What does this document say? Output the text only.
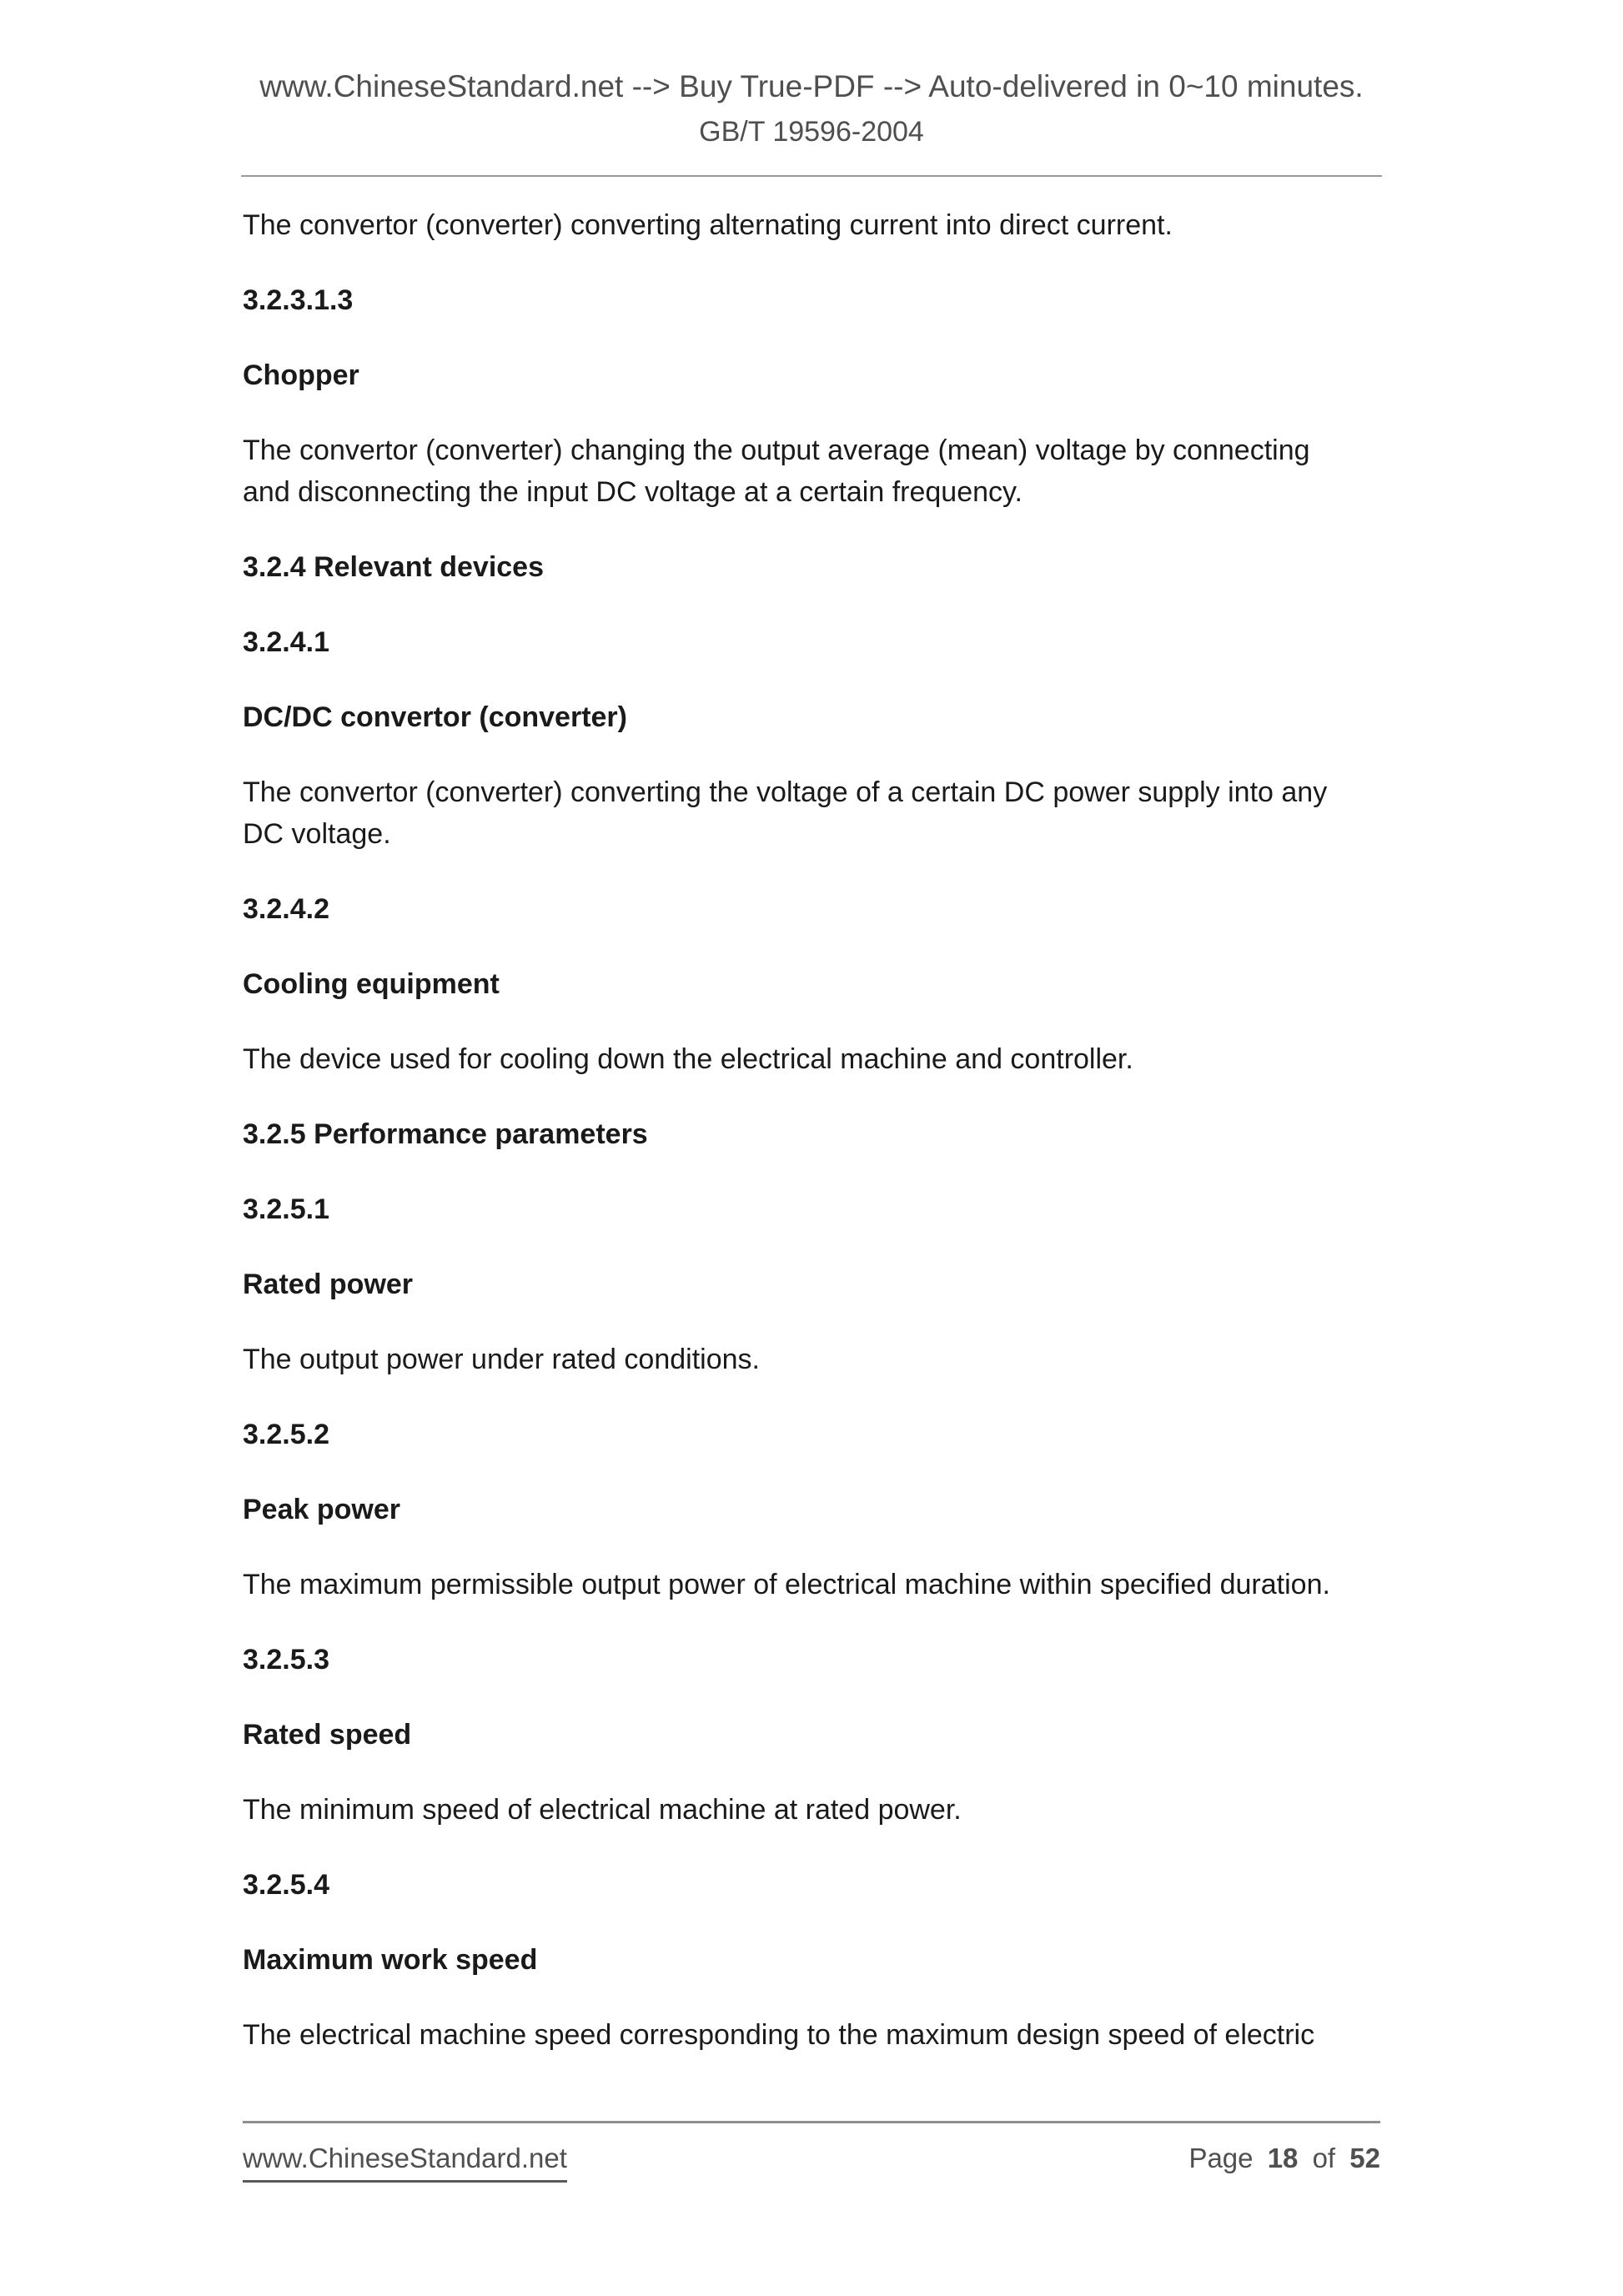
www.ChineseStandard.net --> Buy True-PDF --> Auto-delivered in 0~10 minutes.
GB/T 19596-2004
The convertor (converter) converting alternating current into direct current.
3.2.3.1.3
Chopper
The convertor (converter) changing the output average (mean) voltage by connecting
and disconnecting the input DC voltage at a certain frequency.
3.2.4 Relevant devices
3.2.4.1
DC/DC convertor (converter)
The convertor (converter) converting the voltage of a certain DC power supply into any
DC voltage.
3.2.4.2
Cooling equipment
The device used for cooling down the electrical machine and controller.
3.2.5 Performance parameters
3.2.5.1
Rated power
The output power under rated conditions.
3.2.5.2
Peak power
The maximum permissible output power of electrical machine within specified duration.
3.2.5.3
Rated speed
The minimum speed of electrical machine at rated power.
3.2.5.4
Maximum work speed
The electrical machine speed corresponding to the maximum design speed of electric
www.ChineseStandard.net	Page 18 of 52
